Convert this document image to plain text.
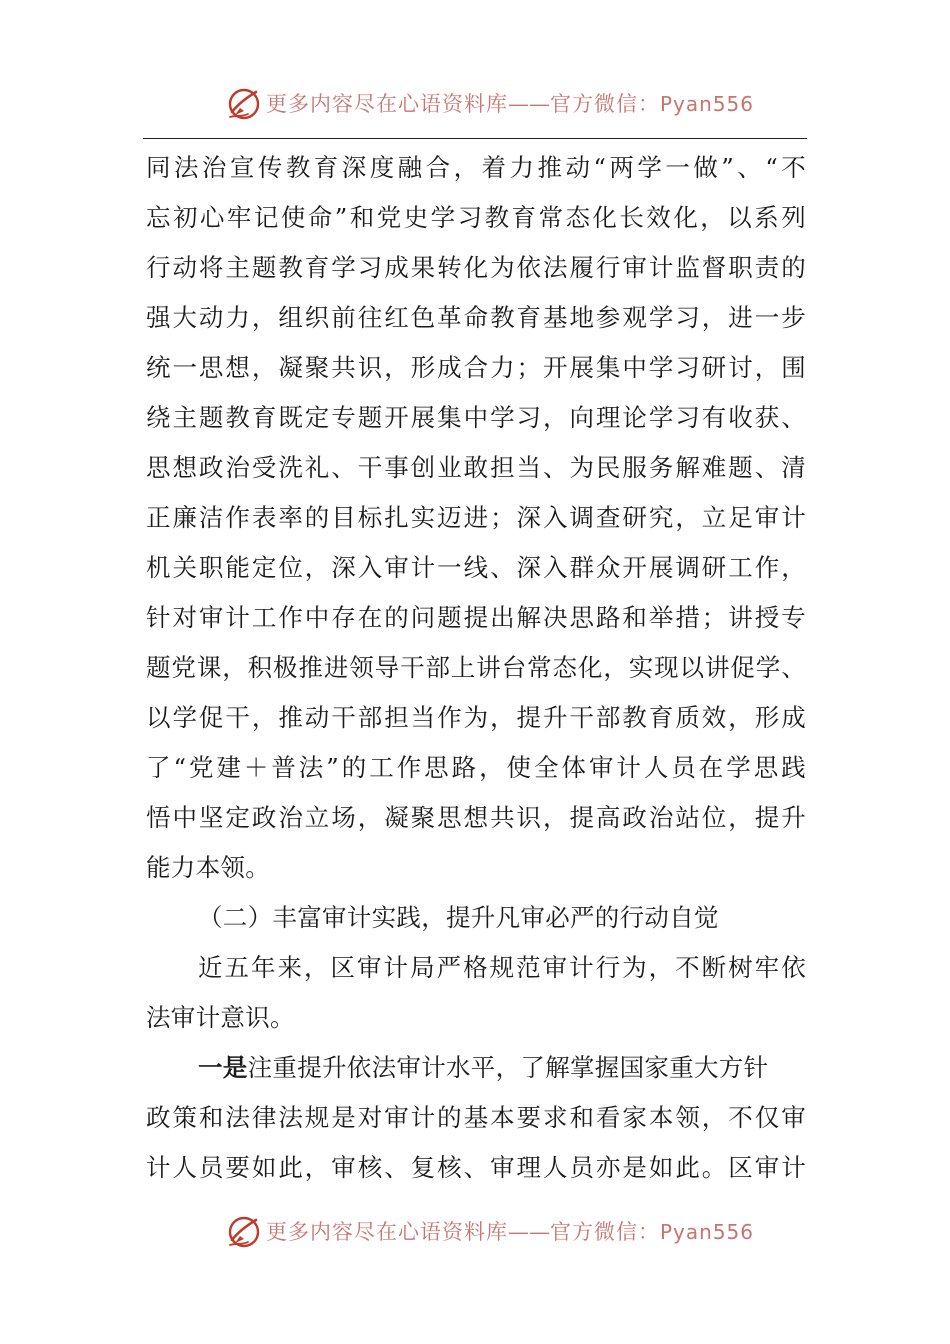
更多内容尽在心语资料库——官方微信：Pyan556
同法治宣传教育深度融合，着力推动“两学一做”、“不
忘初心牢记使命”和党史学习教育常态化长效化，以系列
行动将主题教育学习成果转化为依法履行审计监督职责的
强大动力，组织前往红色革命教育基地参观学习，进一步
统一思想，凝聚共识，形成合力；开展集中学习研讨，围
绕主题教育既定专题开展集中学习，向理论学习有收获、
思想政治受洗礼、干事创业敢担当、为民服务解难题、清
正廉洁作表率的目标扎实迈进；深入调查研究，立足审计
机关职能定位，深入审计一线、深入群众开展调研工作，
针对审计工作中存在的问题提出解决思路和举措；讲授专
题党课，积极推进领导干部上讲台常态化，实现以讲促学、
以学促干，推动干部担当作为，提升干部教育质效，形成
了“党建＋普法”的工作思路，使全体审计人员在学思践
悟中坚定政治立场，凝聚思想共识，提高政治站位，提升
能力本领。
（二）丰富审计实践，提升凡审必严的行动自觉
近五年来，区审计局严格规范审计行为，不断树牢依
法审计意识。
一是注重提升依法审计水平，了解掌握国家重大方针
政策和法律法规是对审计的基本要求和看家本领，不仅审
计人员要如此，审核、复核、审理人员亦是如此。区审计
更多内容尽在心语资料库——官方微信：Pyan556
